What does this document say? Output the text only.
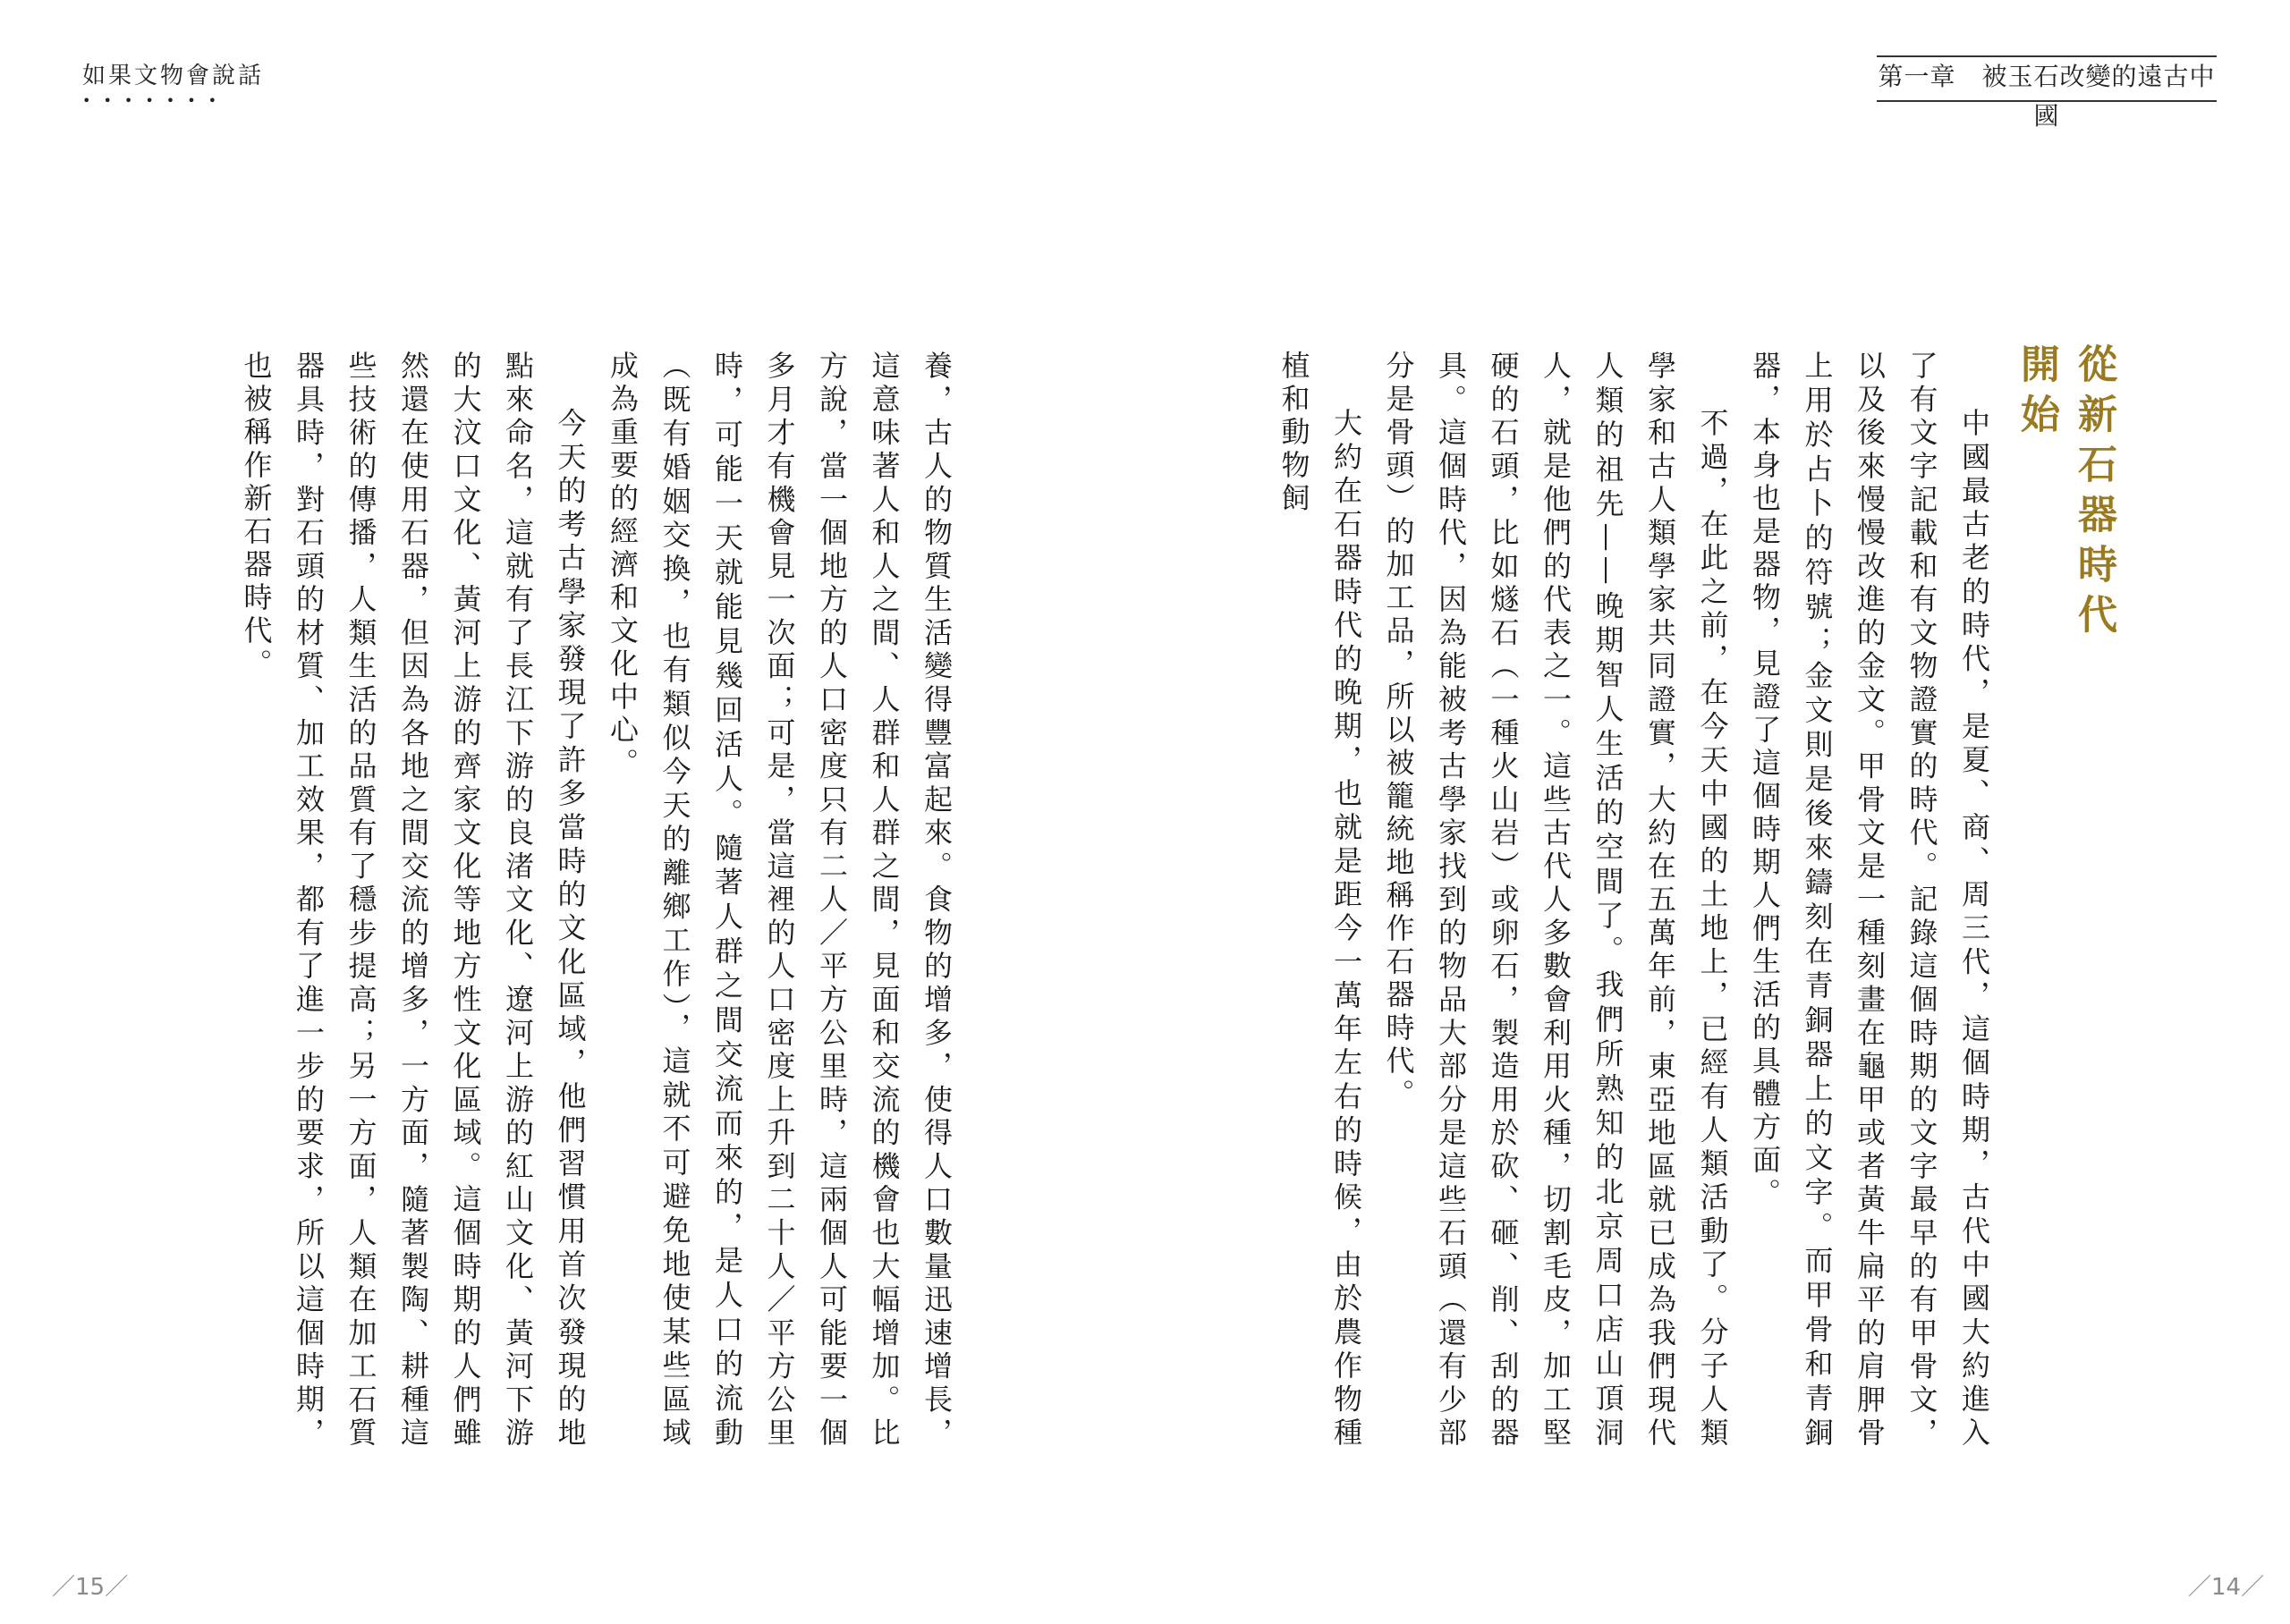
如果文物會說話
•••••••
第一章　被玉石改變的遠古中國
從新石器時代開始

中國最古老的時代，是夏、商、周三代，這個時期，古代中國大約進入了有文字記載和有文物證實的時代。記錄這個時期的文字最早的有甲骨文，以及後來慢慢改進的金文。甲骨文是一種刻畫在龜甲或者黃牛扁平的肩胛骨上用於占卜的符號；金文則是後來鑄刻在青銅器上的文字。而甲骨和青銅器，本身也是器物，見證了這個時期人們生活的具體方面。

不過，在此之前，在今天中國的土地上，已經有人類活動了。分子人類學家和古人類學家共同證實，大約在五萬年前，東亞地區就已成為我們現代人類的祖先——晚期智人生活的空間了。我們所熟知的北京周口店山頂洞人，就是他們的代表之一。這些古代人多數會利用火種，切割毛皮，加工堅硬的石頭，比如燧石（一種火山岩）或卵石，製造用於砍、砸、削、刮的器具。這個時代，因為能被考古學家找到的物品大部分是這些石頭（還有少部分是骨頭）的加工品，所以被籠統地稱作石器時代。

大約在石器時代的晚期，也就是距今一萬年左右的時候，由於農作物種植和動物飼

養，古人的物質生活變得豐富起來。食物的增多，使得人口數量迅速增長，這意味著人和人之間、人群和人群之間，見面和交流的機會也大幅增加。比方說，當一個地方的人口密度只有二人／平方公里時，這兩個人可能要一個多月才有機會見一次面；可是，當這裡的人口密度上升到二十人／平方公里時，可能一天就能見幾回活人。隨著人群之間交流而來的，是人口的流動（既有婚姻交換，也有類似今天的離鄉工作），這就不可避免地使某些區域成為重要的經濟和文化中心。

今天的考古學家發現了許多當時的文化區域，他們習慣用首次發現的地點來命名，這就有了長江下游的良渚文化、遼河上游的紅山文化、黃河下游的大汶口文化、黃河上游的齊家文化等地方性文化區域。這個時期的人們雖然還在使用石器，但因為各地之間交流的增多，一方面，隨著製陶、耕種這些技術的傳播，人類生活的品質有了穩步提高；另一方面，人類在加工石質器具時，對石頭的材質、加工效果，都有了進一步的要求，所以這個時期，也被稱作新石器時代。

／15／	／14／
